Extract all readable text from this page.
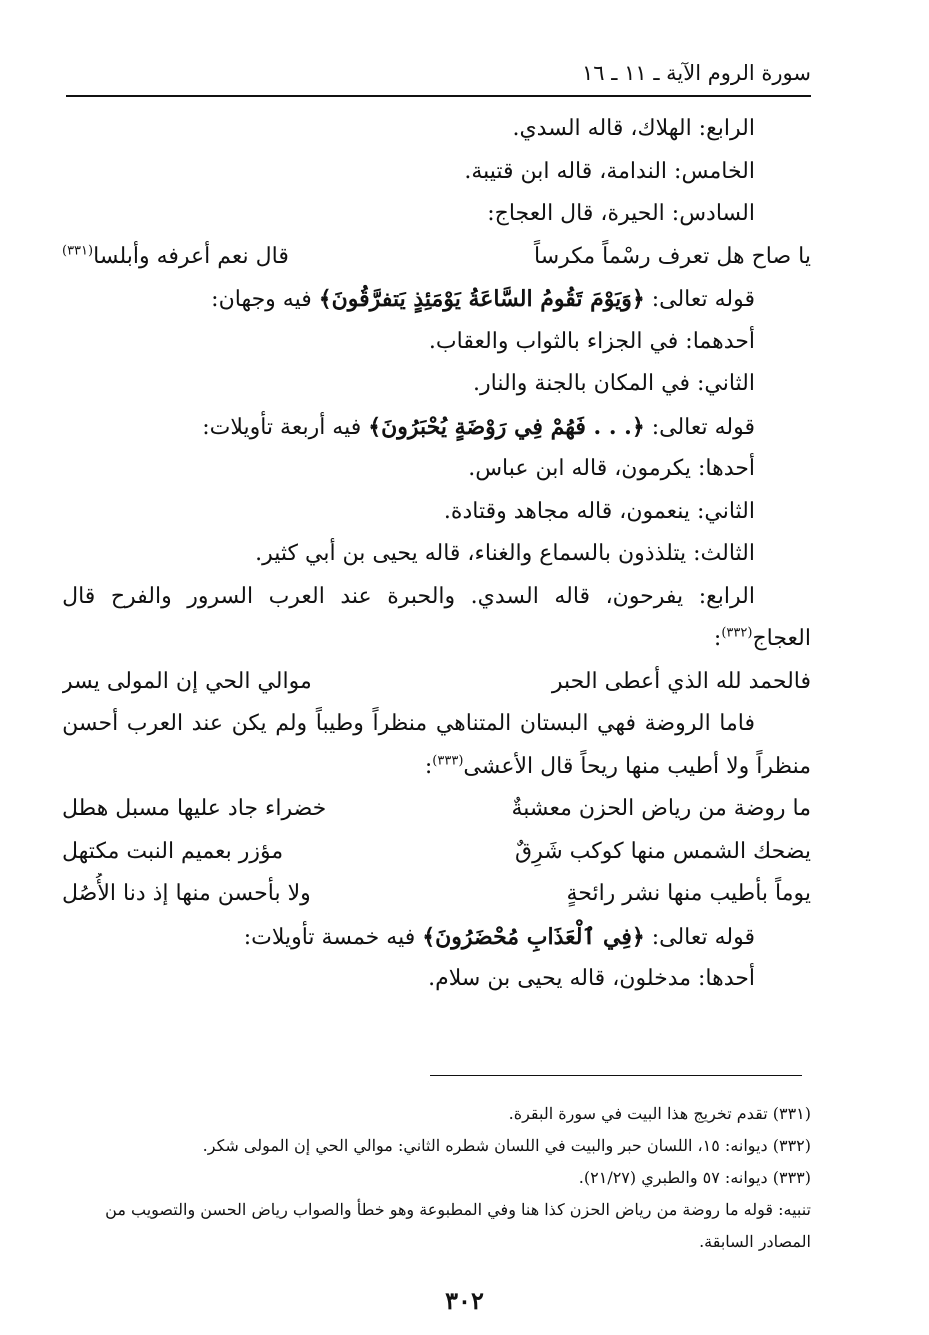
سورة الروم الآية ـ ١١ ـ ١٦
الرابع: الهلاك، قاله السدي.
الخامس: الندامة، قاله ابن قتيبة.
السادس: الحيرة، قال العجاج:
يا صاح هل تعرف رسْماً مكرساً
قال نعم أعرفه وأبلسا$^{(٣٣١)}$
قوله تعالى: ﴿وَيَوْمَ تَقُومُ السَّاعَةُ يَوْمَئِذٍ يَتفرَّقُونَ﴾ فيه وجهان:
أحدهما: في الجزاء بالثواب والعقاب.
الثاني: في المكان بالجنة والنار.
قوله تعالى: ﴿. . . فَهُمْ فِي رَوْضَةٍ يُحْبَرُونَ﴾ فيه أربعة تأويلات:
أحدها: يكرمون، قاله ابن عباس.
الثاني: ينعمون، قاله مجاهد وقتادة.
الثالث: يتلذذون بالسماع والغناء، قاله يحيى بن أبي كثير.
الرابع:
يفرحون،
قاله
السدي.
والحبرة
عند
العرب
السرور
والفرح
قال
العجاج$^{(٣٣٢)}$:
فالحمد لله الذي أعطى الحبر
موالي الحي إن المولى يسر
فاما
الروضة
فهي
البستان
المتناهي
منظراً
وطيباً
ولم
يكن
عند
العرب
أحسن
منظراً ولا أطيب منها ريحاً قال الأعشى$^{(٣٣٣)}$:
ما روضة من رياض الحزن معشبةٌ
خضراء جاد عليها مسبل هطل
يضحك الشمس منها كوكب شَرِقٌ
مؤزر بعميم النبت مكتهل
يوماً بأطيب منها نشر رائحةٍ
ولا بأحسن منها إذ دنا الأُصُل
قوله تعالى: ﴿فِي ٱلْعَذَابِ مُحْضَرُونَ﴾ فيه خمسة تأويلات:
أحدها: مدخلون، قاله يحيى بن سلام.
(٣٣١) تقدم تخريج هذا البيت في سورة البقرة.
(٣٣٢) ديوانه: ١٥، اللسان حبر والبيت في اللسان شطره الثاني: موالي الحي إن المولى شكر.
(٣٣٣) ديوانه: ٥٧ والطبري (٢١/٢٧).
تنبيه: قوله ما روضة من رياض الحزن كذا هنا وفي المطبوعة وهو خطأ والصواب رياض الحسن والتصويب من المصادر السابقة.
٣٠٢
